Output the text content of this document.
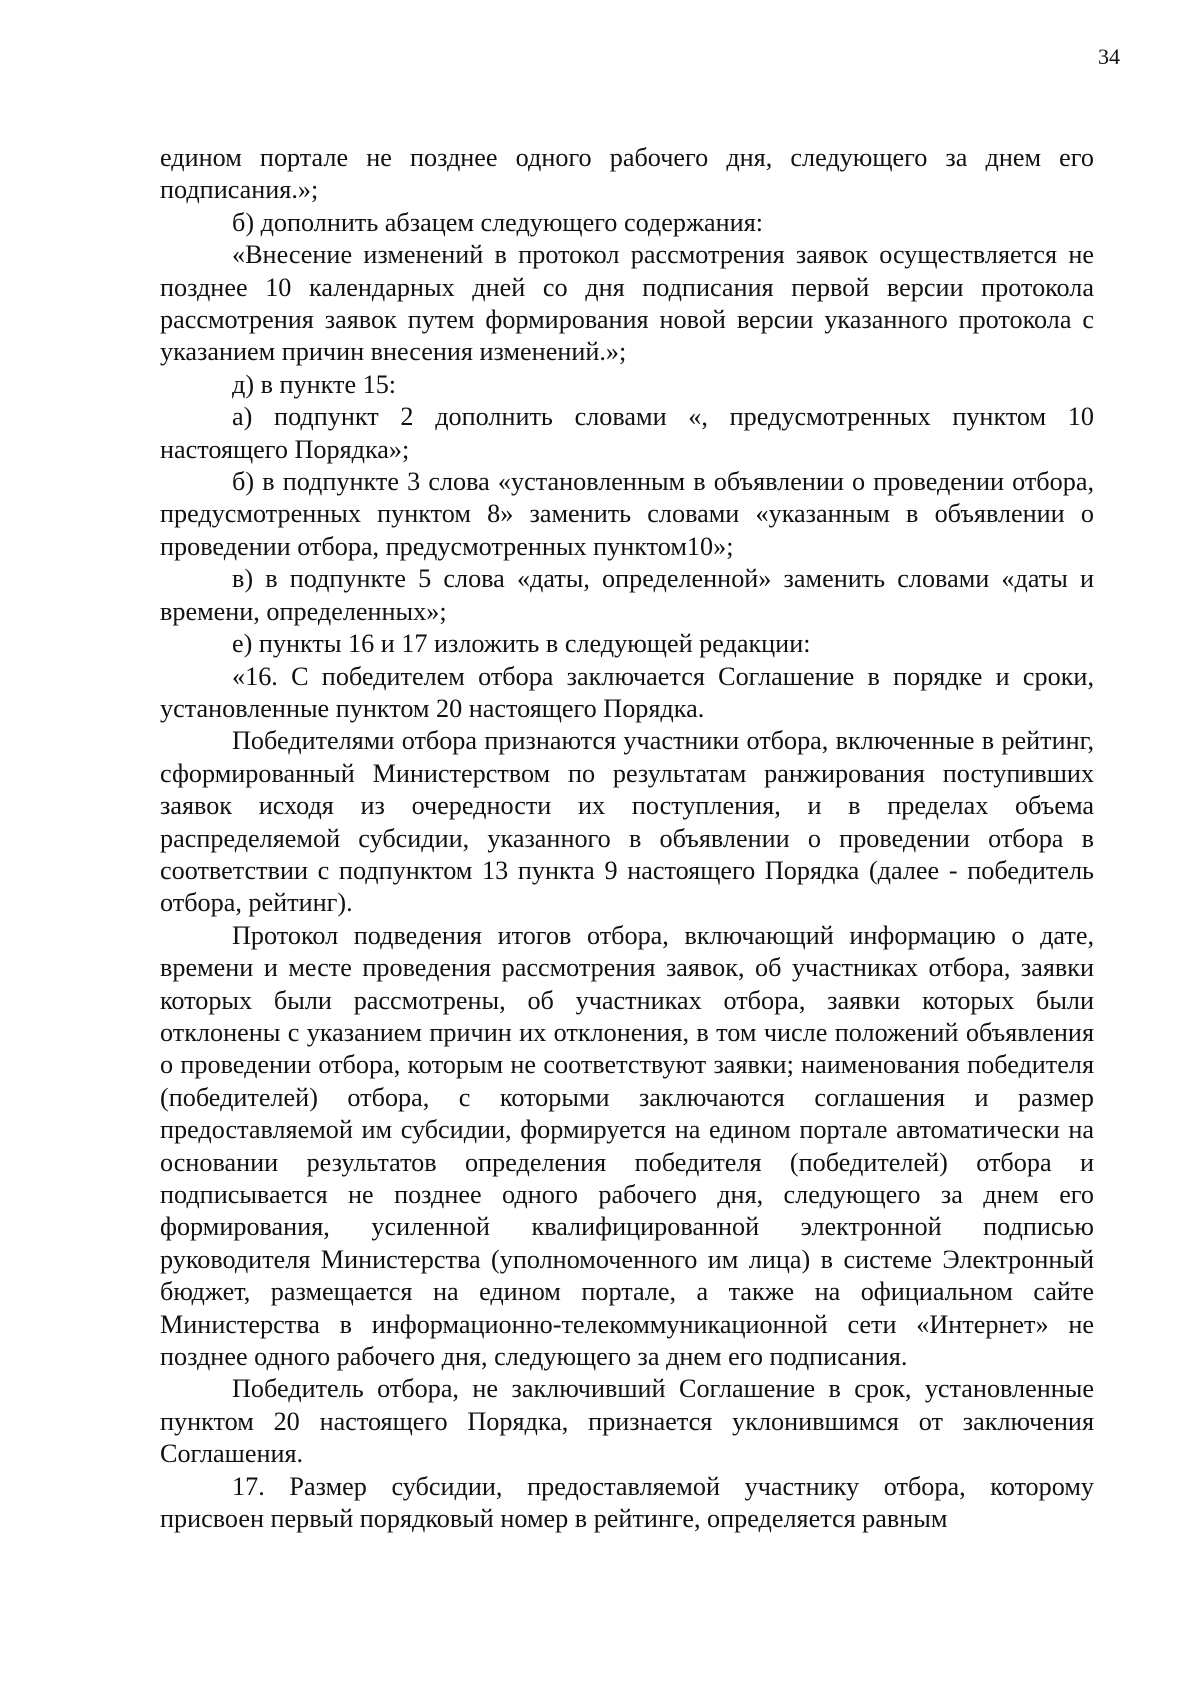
34

едином портале не позднее одного рабочего дня, следующего за днем его подписания.»;

б) дополнить абзацем следующего содержания:

«Внесение изменений в протокол рассмотрения заявок осуществляется не позднее 10 календарных дней со дня подписания первой версии протокола рассмотрения заявок путем формирования новой версии указанного протокола с указанием причин внесения изменений.»;

д) в пункте 15:

а) подпункт 2 дополнить словами «, предусмотренных пунктом 10 настоящего Порядка»;

б) в подпункте 3 слова «установленным в объявлении о проведении отбора, предусмотренных пунктом 8» заменить словами «указанным в объявлении о проведении отбора, предусмотренных пунктом10»;

в) в подпункте 5 слова «даты, определенной» заменить словами «даты и времени, определенных»;

е) пункты 16 и 17 изложить в следующей редакции:

«16. С победителем отбора заключается Соглашение в порядке и сроки, установленные пунктом 20 настоящего Порядка.

Победителями отбора признаются участники отбора, включенные в рейтинг, сформированный Министерством по результатам ранжирования поступивших заявок исходя из очередности их поступления, и в пределах объема распределяемой субсидии, указанного в объявлении о проведении отбора в соответствии с подпунктом 13 пункта 9 настоящего Порядка (далее - победитель отбора, рейтинг).

Протокол подведения итогов отбора, включающий информацию о дате, времени и месте проведения рассмотрения заявок, об участниках отбора, заявки которых были рассмотрены, об участниках отбора, заявки которых были отклонены с указанием причин их отклонения, в том числе положений объявления о проведении отбора, которым не соответствуют заявки; наименования победителя (победителей) отбора, с которыми заключаются соглашения и размер предоставляемой им субсидии, формируется на едином портале автоматически на основании результатов определения победителя (победителей) отбора и подписывается не позднее одного рабочего дня, следующего за днем его формирования, усиленной квалифицированной электронной подписью руководителя Министерства (уполномоченного им лица) в системе Электронный бюджет, размещается на едином портале, а также на официальном сайте Министерства в информационно-телекоммуникационной сети «Интернет» не позднее одного рабочего дня, следующего за днем его подписания.

Победитель отбора, не заключивший Соглашение в срок, установленные пунктом 20 настоящего Порядка, признается уклонившимся от заключения Соглашения.

17. Размер субсидии, предоставляемой участнику отбора, которому присвоен первый порядковый номер в рейтинге, определяется равным
